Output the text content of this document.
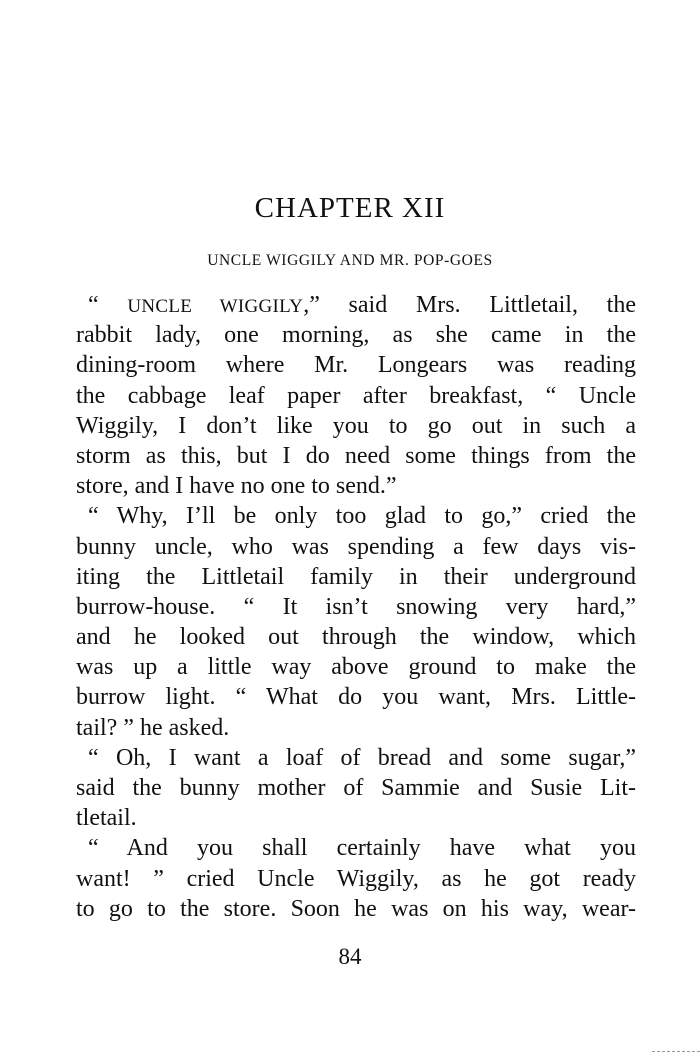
CHAPTER XII
UNCLE WIGGILY AND MR. POP-GOES
“ UNCLE WIGGILY,” said Mrs. Littletail, the
rabbit lady, one morning, as she came in the
dining-room where Mr. Longears was reading
the cabbage leaf paper after breakfast, “ Uncle
Wiggily, I don’t like you to go out in such a
storm as this, but I do need some things from the
store, and I have no one to send.”
“ Why, I’ll be only too glad to go,” cried the
bunny uncle, who was spending a few days vis-
iting the Littletail family in their underground
burrow-house. “ It isn’t snowing very hard,”
and he looked out through the window, which
was up a little way above ground to make the
burrow light. “ What do you want, Mrs. Little-
tail? ” he asked.
“ Oh, I want a loaf of bread and some sugar,”
said the bunny mother of Sammie and Susie Lit-
tletail.
“ And you shall certainly have what you
want! ” cried Uncle Wiggily, as he got ready
to go to the store. Soon he was on his way, wear-
84
